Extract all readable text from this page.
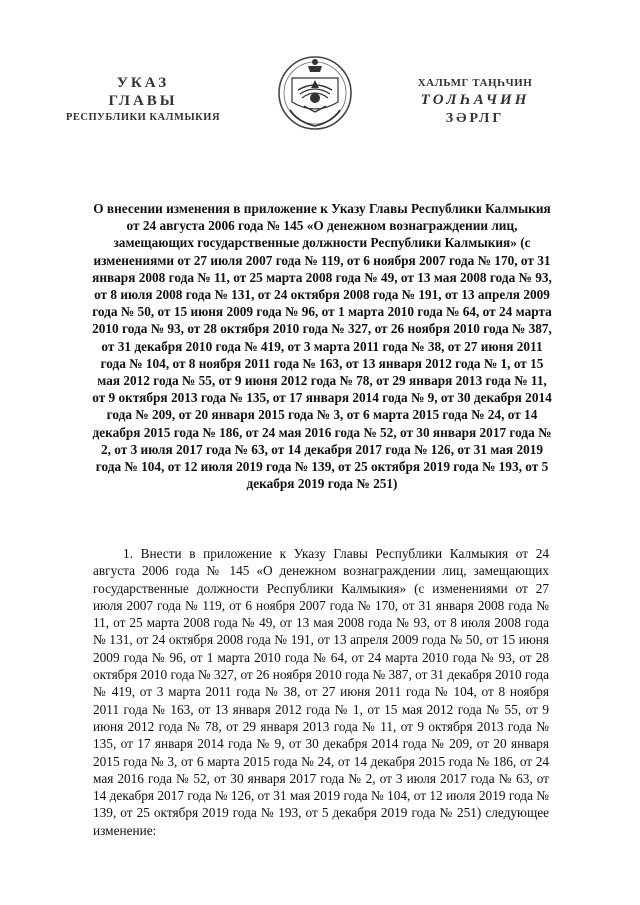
УКАЗ
ГЛАВЫ
РЕСПУБЛИКИ КАЛМЫКИЯ
ХАЛЬМГ ТАҢҺЧИН
ТОЛҺАЧИН
ЗӘРЛГ
О внесении изменения в приложение к Указу Главы Республики Калмыкия от 24 августа 2006 года № 145 «О денежном вознаграждении лиц, замещающих государственные должности Республики Калмыкия» (с изменениями от 27 июля 2007 года № 119, от 6 ноября 2007 года № 170, от 31 января 2008 года № 11, от 25 марта 2008 года № 49, от 13 мая 2008 года № 93, от 8 июля 2008 года № 131, от 24 октября 2008 года № 191, от 13 апреля 2009 года № 50, от 15 июня 2009 года № 96, от 1 марта 2010 года № 64, от 24 марта 2010 года № 93, от 28 октября 2010 года № 327, от 26 ноября 2010 года № 387, от 31 декабря 2010 года № 419, от 3 марта 2011 года № 38, от 27 июня 2011 года № 104, от 8 ноября 2011 года № 163, от 13 января 2012 года № 1, от 15 мая 2012 года № 55, от 9 июня 2012 года № 78, от 29 января 2013 года № 11, от 9 октября 2013 года № 135, от 17 января 2014 года № 9, от 30 декабря 2014 года № 209, от 20 января 2015 года № 3, от 6 марта 2015 года № 24, от 14 декабря 2015 года № 186, от 24 мая 2016 года № 52, от 30 января 2017 года № 2, от 3 июля 2017 года № 63, от 14 декабря 2017 года № 126, от 31 мая 2019 года № 104, от 12 июля 2019 года № 139, от 25 октября 2019 года № 193, от 5 декабря 2019 года № 251)
1. Внести в приложение к Указу Главы Республики Калмыкия от 24 августа 2006 года № 145 «О денежном вознаграждении лиц, замещающих государственные должности Республики Калмыкия» (с изменениями от 27 июля 2007 года № 119, от 6 ноября 2007 года № 170, от 31 января 2008 года № 11, от 25 марта 2008 года № 49, от 13 мая 2008 года № 93, от 8 июля 2008 года № 131, от 24 октября 2008 года № 191, от 13 апреля 2009 года № 50, от 15 июня 2009 года № 96, от 1 марта 2010 года № 64, от 24 марта 2010 года № 93, от 28 октября 2010 года № 327, от 26 ноября 2010 года № 387, от 31 декабря 2010 года № 419, от 3 марта 2011 года № 38, от 27 июня 2011 года № 104, от 8 ноября 2011 года № 163, от 13 января 2012 года № 1, от 15 мая 2012 года № 55, от 9 июня 2012 года № 78, от 29 января 2013 года № 11, от 9 октября 2013 года № 135, от 17 января 2014 года № 9, от 30 декабря 2014 года № 209, от 20 января 2015 года № 3, от 6 марта 2015 года № 24, от 14 декабря 2015 года № 186, от 24 мая 2016 года № 52, от 30 января 2017 года № 2, от 3 июля 2017 года № 63, от 14 декабря 2017 года № 126, от 31 мая 2019 года № 104, от 12 июля 2019 года № 139, от 25 октября 2019 года № 193, от 5 декабря 2019 года № 251) следующее изменение:
